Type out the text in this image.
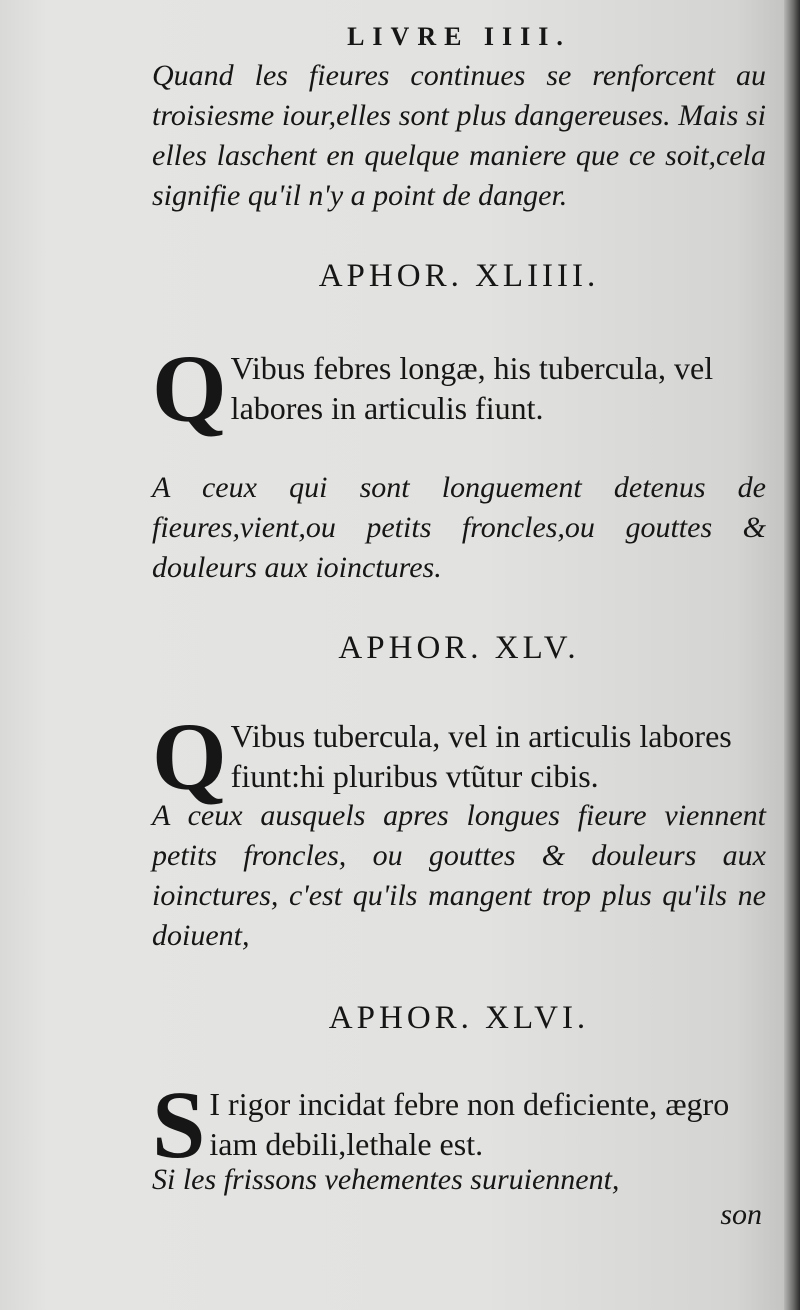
LIVRE IIII.
Quand les fieures continues se renforcent au troisiesme iour,elles sont plus dangereuses. Mais si elles laschent en quelque maniere que ce soit,cela signifie qu'il n'y a point de danger.
APHOR. XLIIII.
Q Vibus febres longæ, his tubercula, vel labores in articulis fiunt.
A ceux qui sont longuement detenus de fieures,vient,ou petits froncles,ou gouttes & douleurs aux ioinctures.
APHOR. XLV.
Q Vibus tubercula, vel in articulis labores fiunt:hi pluribus vtũtur cibis.
A ceux ausquels apres longues fieure viennent petits froncles, ou gouttes & douleurs aux ioinctures, c'est qu'ils mangent trop plus qu'ils ne doiuent,
APHOR. XLVI.
S I rigor incidat febre non deficiente, ægro iam debili,lethale est.
Si les frissons vehementes suruiennent,
son
